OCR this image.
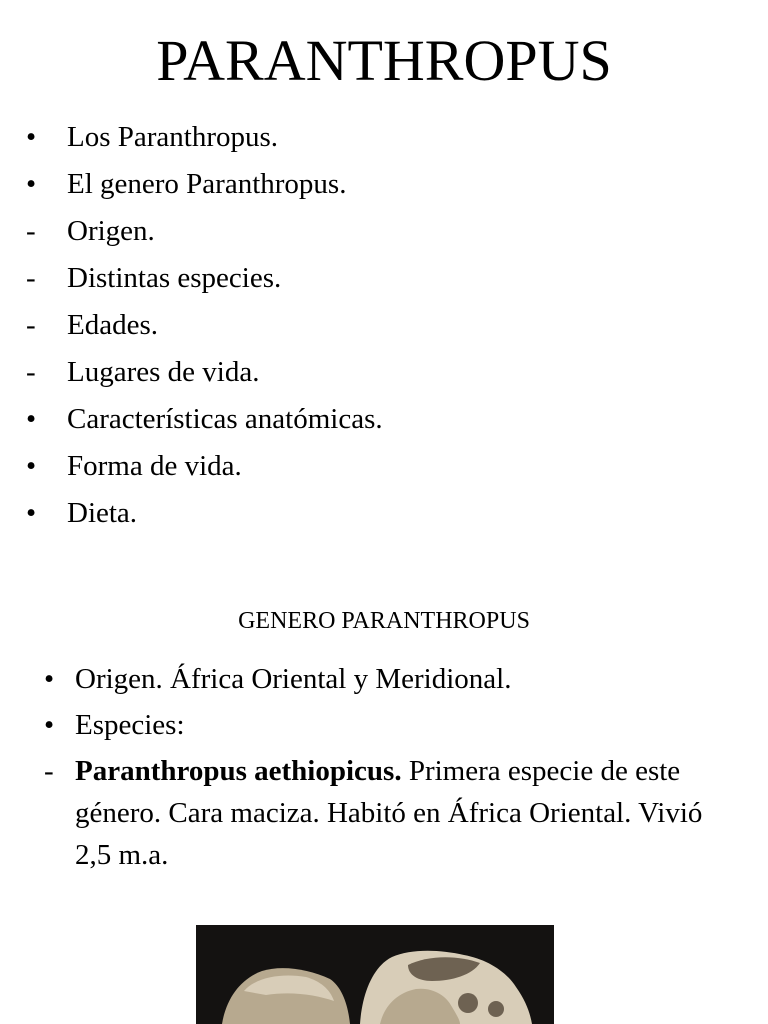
PARANTHROPUS
•	Los Paranthropus.
•	El genero Paranthropus.
-	Origen.
-	Distintas especies.
-	Edades.
-	Lugares de vida.
•	Características anatómicas.
•	Forma de vida.
•	Dieta.
GENERO PARANTHROPUS
• Origen. África Oriental y Meridional.
• Especies:
- Paranthropus aethiopicus. Primera especie de este género. Cara maciza. Habitó en África Oriental. Vivió 2,5 m.a.
